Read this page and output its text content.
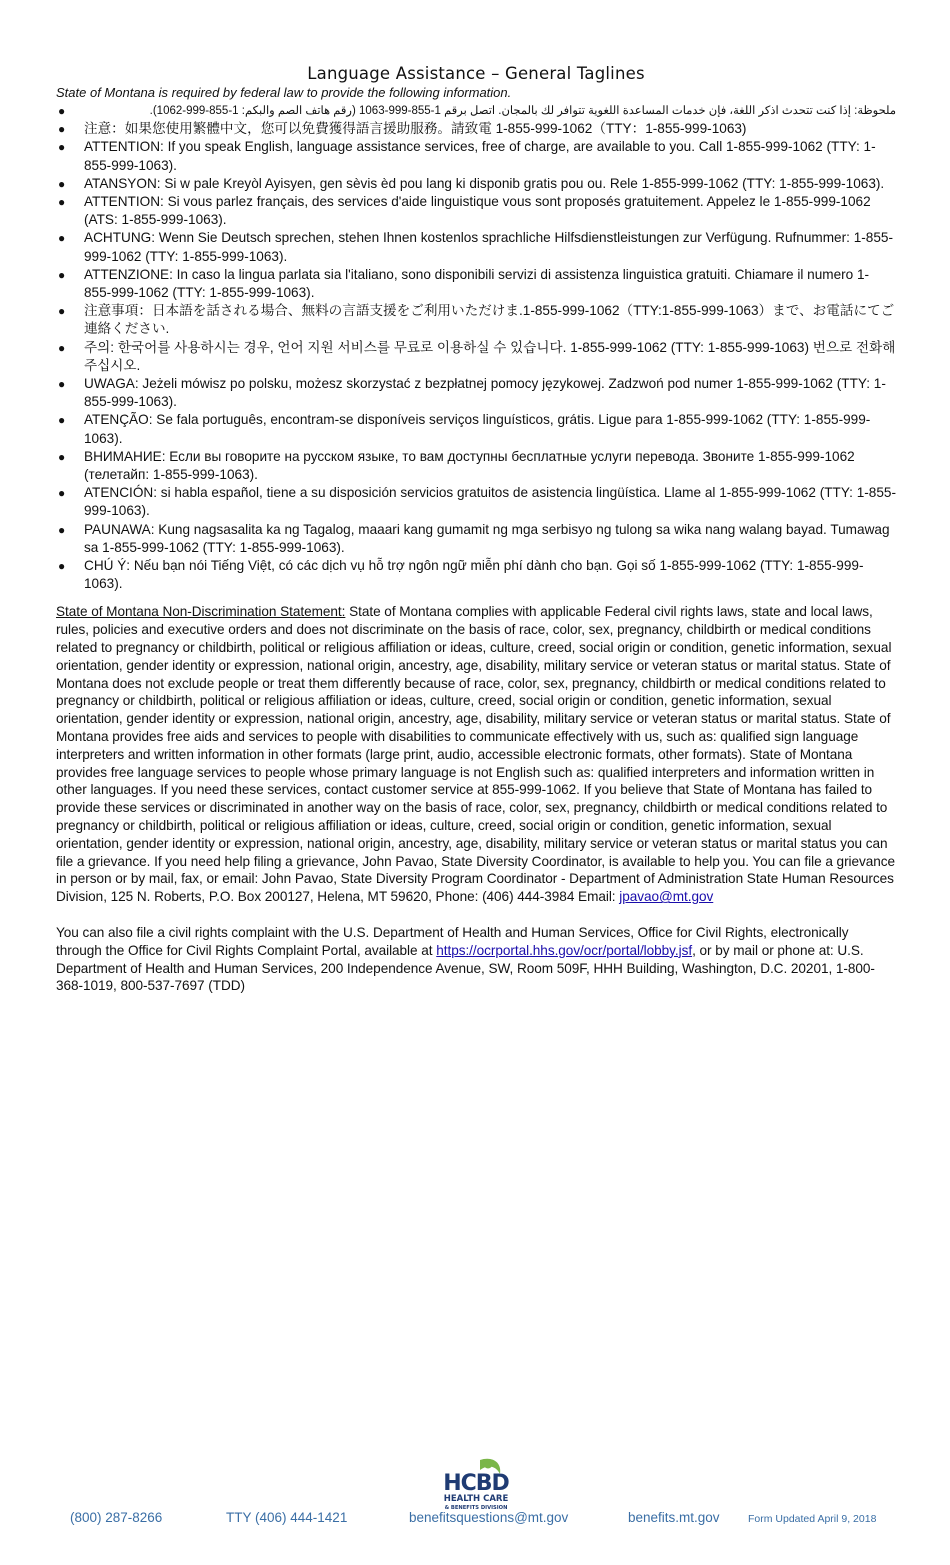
Language Assistance – General Taglines
State of Montana is required by federal law to provide the following information.
●	ملحوظة: إذا كنت تتحدث اذكر اللغة، فإن خدمات المساعدة اللغوية تتوافر لك بالمجان. اتصل برقم 1-855-999-1063 (رقم هاتف الصم والبكم: 1-855-999-1062).
● 注意：如果您使用繁體中文，您可以免費獲得語言援助服務。請致電 1-855-999-1062（TTY：1-855-999-1063)
● ATTENTION: If you speak English, language assistance services, free of charge, are available to you. Call 1-855-999-1062 (TTY: 1-855-999-1063).
● ATANSYON: Si w pale Kreyòl Ayisyen, gen sèvis èd pou lang ki disponib gratis pou ou. Rele 1-855-999-1062 (TTY: 1-855-999-1063).
● ATTENTION: Si vous parlez français, des services d'aide linguistique vous sont proposés gratuitement. Appelez le 1-855-999-1062 (ATS: 1-855-999-1063).
● ACHTUNG: Wenn Sie Deutsch sprechen, stehen Ihnen kostenlos sprachliche Hilfsdienstleistungen zur Verfügung. Rufnummer: 1-855-999-1062 (TTY: 1-855-999-1063).
● ATTENZIONE: In caso la lingua parlata sia l'italiano, sono disponibili servizi di assistenza linguistica gratuiti. Chiamare il numero 1-855-999-1062 (TTY: 1-855-999-1063).
● 注意事項：日本語を話される場合、無料の言語支援をご利用いただけま.1-855-999-1062（TTY:1-855-999-1063）まで、お電話にてご連絡ください.
● 주의: 한국어를 사용하시는 경우, 언어 지원 서비스를 무료로 이용하실 수 있습니다. 1-855-999-1062 (TTY: 1-855-999-1063) 번으로 전화해 주십시오.
● UWAGA: Jeżeli mówisz po polsku, możesz skorzystać z bezpłatnej pomocy językowej. Zadzwoń pod numer 1-855-999-1062 (TTY: 1-855-999-1063).
● ATENÇÃO: Se fala português, encontram-se disponíveis serviços linguísticos, grátis. Ligue para 1-855-999-1062 (TTY: 1-855-999-1063).
● ВНИМАНИЕ: Если вы говорите на русском языке, то вам доступны бесплатные услуги перевода. Звоните 1-855-999-1062 (телетайп: 1-855-999-1063).
● ATENCIÓN: si habla español, tiene a su disposición servicios gratuitos de asistencia lingüística. Llame al 1-855-999-1062 (TTY: 1-855-999-1063).
● PAUNAWA: Kung nagsasalita ka ng Tagalog, maaari kang gumamit ng mga serbisyo ng tulong sa wika nang walang bayad. Tumawag sa 1-855-999-1062 (TTY: 1-855-999-1063).
● CHÚ Ý: Nếu bạn nói Tiếng Việt, có các dịch vụ hỗ trợ ngôn ngữ miễn phí dành cho bạn. Gọi số 1-855-999-1062 (TTY: 1-855-999-1063).

State of Montana Non-Discrimination Statement: State of Montana complies with applicable Federal civil rights laws, state and local laws, rules, policies and executive orders and does not discriminate on the basis of race, color, sex, pregnancy, childbirth or medical conditions related to pregnancy or childbirth, political or religious affiliation or ideas, culture, creed, social origin or condition, genetic information, sexual orientation, gender identity or expression, national origin, ancestry, age, disability, military service or veteran status or marital status. State of Montana does not exclude people or treat them differently because of race, color, sex, pregnancy, childbirth or medical conditions related to pregnancy or childbirth, political or religious affiliation or ideas, culture, creed, social origin or condition, genetic information, sexual orientation, gender identity or expression, national origin, ancestry, age, disability, military service or veteran status or marital status. State of Montana provides free aids and services to people with disabilities to communicate effectively with us, such as: qualified sign language interpreters and written information in other formats (large print, audio, accessible electronic formats, other formats). State of Montana provides free language services to people whose primary language is not English such as: qualified interpreters and information written in other languages. If you need these services, contact customer service at 855-999-1062. If you believe that State of Montana has failed to provide these services or discriminated in another way on the basis of race, color, sex, pregnancy, childbirth or medical conditions related to pregnancy or childbirth, political or religious affiliation or ideas, culture, creed, social origin or condition, genetic information, sexual orientation, gender identity or expression, national origin, ancestry, age, disability, military service or veteran status or marital status you can file a grievance. If you need help filing a grievance, John Pavao, State Diversity Coordinator, is available to help you. You can file a grievance in person or by mail, fax, or email: John Pavao, State Diversity Program Coordinator - Department of Administration State Human Resources Division, 125 N. Roberts, P.O. Box 200127, Helena, MT 59620, Phone: (406) 444-3984 Email: jpavao@mt.gov

You can also file a civil rights complaint with the U.S. Department of Health and Human Services, Office for Civil Rights, electronically through the Office for Civil Rights Complaint Portal, available at https://ocrportal.hhs.gov/ocr/portal/lobby.jsf, or by mail or phone at: U.S. Department of Health and Human Services, 200 Independence Avenue, SW, Room 509F, HHH Building, Washington, D.C. 20201, 1-800-368-1019, 800-537-7697 (TDD)

HCBD
HEALTH CARE
& BENEFITS DIVISION
(800) 287-8266	TTY (406) 444-1421	benefitsquestions@mt.gov	benefits.mt.gov	Form Updated April 9, 2018
